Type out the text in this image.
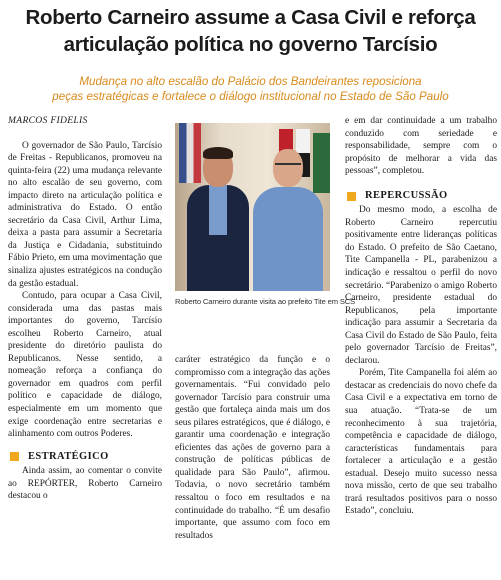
Roberto Carneiro assume a Casa Civil e reforça
articulação política no governo Tarcísio
Mudança no alto escalão do Palácio dos Bandeirantes reposiciona
peças estratégicas e fortalece o diálogo institucional no Estado de São Paulo

MARCOS FIDELIS

O governador de São Paulo, Tarcísio de Freitas - Republicanos, promoveu na quinta-feira (22) uma mudança relevante no alto escalão de seu governo, com impacto direto na articulação política e administrativa do Estado. O então secretário da Casa Civil, Arthur Lima, deixa a pasta para assumir a Secretaria da Justiça e Cidadania, substituindo Fábio Prieto, em uma movimentação que sinaliza ajustes estratégicos na condução da gestão estadual.

Contudo, para ocupar a Casa Civil, considerada uma das pastas mais importantes do governo, Tarcísio escolheu Roberto Carneiro, atual presidente do diretório paulista do Republicanos. Nesse sentido, a nomeação reforça a confiança do governador em quadros com perfil político e capacidade de diálogo, especialmente em um momento que exige coordenação entre secretarias e alinhamento com outros Poderes.

ESTRATÉGICO

Ainda assim, ao comentar o convite ao REPÓRTER, Roberto Carneiro destacou o

Roberto Carneiro durante visita ao prefeito Tite em SCS

caráter estratégico da função e o compromisso com a integração das ações governamentais. “Fui convidado pelo governador Tarcísio para construir uma gestão que fortaleça ainda mais um dos seus pilares estratégicos, que é diálogo, e garantir uma coordenação e integração eficientes das ações de governo para a construção de políticas públicas de qualidade para São Paulo”, afirmou. Todavia, o novo secretário também ressaltou o foco em resultados e na continuidade do trabalho. “É um desafio importante, que assumo com foco em resultados

e em dar continuidade a um trabalho conduzido com seriedade e responsabilidade, sempre com o propósito de melhorar a vida das pessoas”, completou.

REPERCUSSÃO

Do mesmo modo, a escolha de Roberto Carneiro repercutiu positivamente entre lideranças políticas do Estado. O prefeito de São Caetano, Tite Campanella - PL, parabenizou a indicação e ressaltou o perfil do novo secretário. “Parabenizo o amigo Roberto Carneiro, presidente estadual do Republicanos, pela importante indicação para assumir a Secretaria da Casa Civil do Estado de São Paulo, feita pelo governador Tarcísio de Freitas”, declarou.

Porém, Tite Campanella foi além ao destacar as credenciais do novo chefe da Casa Civil e a expectativa em torno de sua atuação. “Trata-se de um reconhecimento à sua trajetória, competência e capacidade de diálogo, características fundamentais para fortalecer a articulação e a gestão estadual. Desejo muito sucesso nessa nova missão, certo de que seu trabalho trará resultados positivos para o nosso Estado”, concluiu.
